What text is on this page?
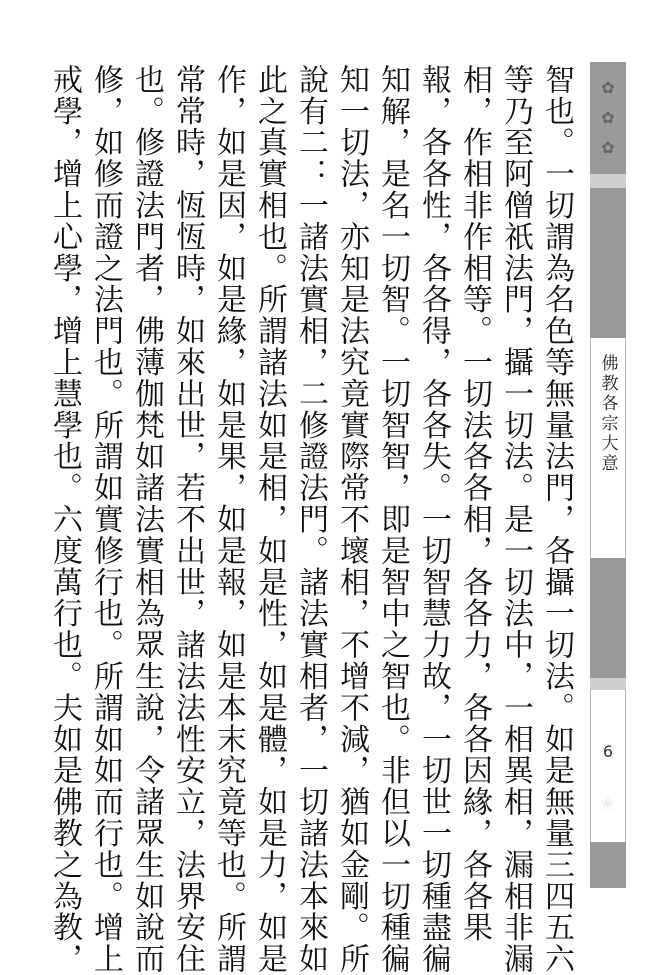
智也。一切謂為名色等無量法門，各攝一切法。如是無量三四五六
等乃至阿僧祇法門，攝一切法。是一切法中，一相異相，漏相非漏
相，作相非作相等。一切法各各相，各各力，各各因緣，各各果
報，各各性，各各得，各各失。一切智慧力故，一切世一切種盡徧
知解，是名一切智。一切智智，即是智中之智也。非但以一切種徧
知一切法，亦知是法究竟實際常不壞相，不增不減，猶如金剛。所
說有二：一諸法實相，二修證法門。諸法實相者，一切諸法本來如
此之真實相也。所謂諸法如是相，如是性，如是體，如是力，如是
作，如是因，如是緣，如是果，如是報，如是本末究竟等也。所謂
常常時，恆恆時，如來出世，若不出世，諸法法性安立，法界安住
也。修證法門者，佛薄伽梵如諸法實相為眾生說，令諸眾生如說而
修，如修而證之法門也。所謂如實修行也。所謂如如而行也。增上
戒學，增上心學，增上慧學也。六度萬行也。夫如是佛教之為教，	✿
✿
✿
佛教各宗大意
6
❀
